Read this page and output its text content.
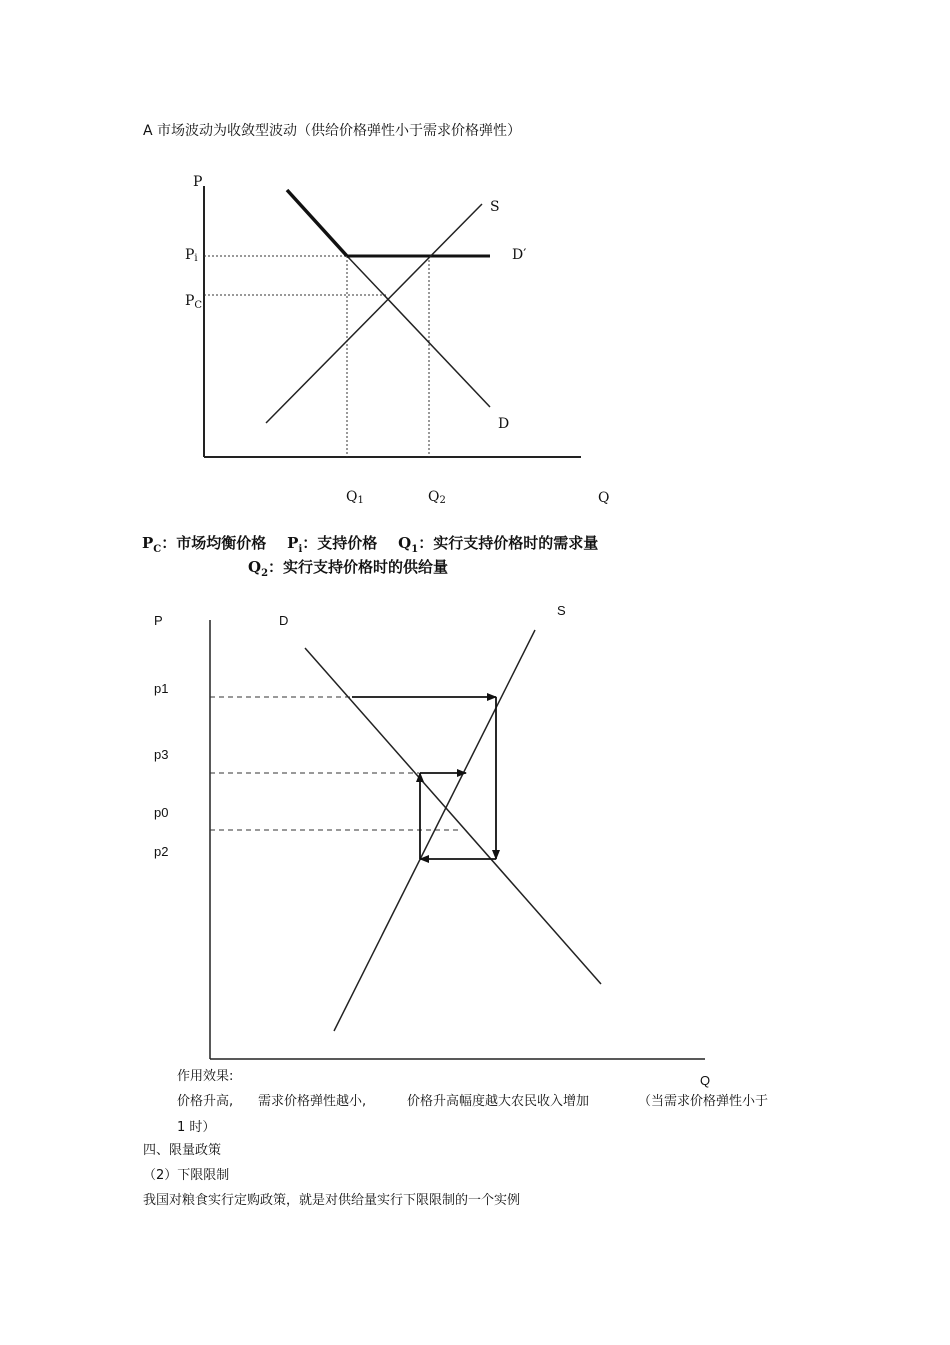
A 市场波动为收敛型波动（供给价格弹性小于需求价格弹性）
P
S
D′
D
Q
Pi
$P_C$
Q1	Q2
P	D
S
p1
p3
p0
p2
Q
$P_C$：市场均衡价格 $P_i$：支持价格 $Q_1$：实行支持价格时的需求量
$Q_2$：实行支持价格时的供给量
作用效果:
价格升高, 需求价格弹性越小,	价格升高幅度越大农民收入增加	（当需求价格弹性小于
1 时）
四、限量政策
（2）下限限制
我国对粮食实行定购政策，就是对供给量实行下限限制的一个实例
